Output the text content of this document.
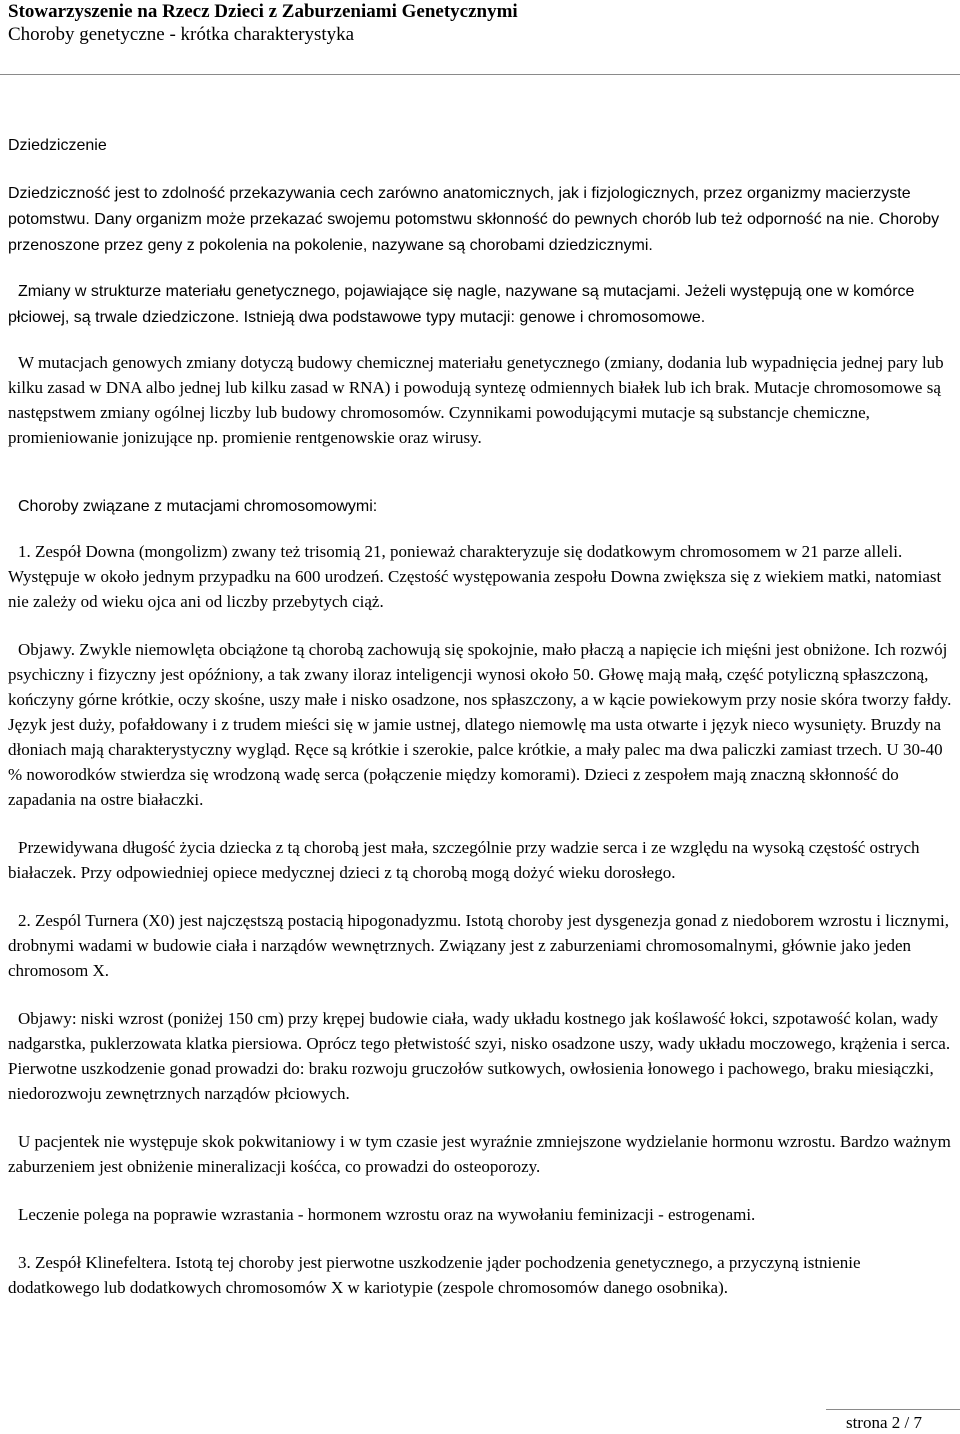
Stowarzyszenie na Rzecz Dzieci z Zaburzeniami Genetycznymi
Choroby genetyczne - krótka charakterystyka

Dziedziczenie

Dziedziczność jest to zdolność przekazywania cech zarówno anatomicznych, jak i fizjologicznych, przez organizmy macierzyste potomstwu. Dany organizm może przekazać swojemu potomstwu skłonność do pewnych chorób lub też odporność na nie. Choroby przenoszone przez geny z pokolenia na pokolenie, nazywane są chorobami dziedzicznymi.

Zmiany w strukturze materiału genetycznego, pojawiające się nagle, nazywane są mutacjami. Jeżeli występują one w komórce płciowej, są trwale dziedziczone. Istnieją dwa podstawowe typy mutacji: genowe i chromosomowe.

W mutacjach genowych zmiany dotyczą budowy chemicznej materiału genetycznego (zmiany, dodania lub wypadnięcia jednej pary lub kilku zasad w DNA albo jednej lub kilku zasad w RNA) i powodują syntezę odmiennych białek lub ich brak. Mutacje chromosomowe są następstwem zmiany ogólnej liczby lub budowy chromosomów. Czynnikami powodującymi mutacje są substancje chemiczne, promieniowanie jonizujące np. promienie rentgenowskie oraz wirusy.

Choroby związane z mutacjami chromosomowymi:

1. Zespół Downa (mongolizm) zwany też trisomią 21, ponieważ charakteryzuje się dodatkowym chromosomem w 21 parze alleli. Występuje w około jednym przypadku na 600 urodzeń. Częstość występowania zespołu Downa zwiększa się z wiekiem matki, natomiast nie zależy od wieku ojca ani od liczby przebytych ciąż.

Objawy. Zwykle niemowlęta obciążone tą chorobą zachowują się spokojnie, mało płaczą a napięcie ich mięśni jest obniżone. Ich rozwój psychiczny i fizyczny jest opóźniony, a tak zwany iloraz inteligencji wynosi około 50. Głowę mają małą, część potyliczną spłaszczoną, kończyny górne krótkie, oczy skośne, uszy małe i nisko osadzone, nos spłaszczony, a w kącie powiekowym przy nosie skóra tworzy fałdy. Język jest duży, pofałdowany i z trudem mieści się w jamie ustnej, dlatego niemowlę ma usta otwarte i język nieco wysunięty. Bruzdy na dłoniach mają charakterystyczny wygląd. Ręce są krótkie i szerokie, palce krótkie, a mały palec ma dwa paliczki zamiast trzech. U 30-40 % noworodków stwierdza się wrodzoną wadę serca (połączenie między komorami). Dzieci z zespołem mają znaczną skłonność do zapadania na ostre białaczki.

Przewidywana długość życia dziecka z tą chorobą jest mała, szczególnie przy wadzie serca i ze względu na wysoką częstość ostrych białaczek. Przy odpowiedniej opiece medycznej dzieci z tą chorobą mogą dożyć wieku dorosłego.

2. Zespól Turnera (X0) jest najczęstszą postacią hipogonadyzmu. Istotą choroby jest dysgenezja gonad z niedoborem wzrostu i licznymi, drobnymi wadami w budowie ciała i narządów wewnętrznych. Związany jest z zaburzeniami chromosomalnymi, głównie jako jeden chromosom X.

Objawy: niski wzrost (poniżej 150 cm) przy krępej budowie ciała, wady układu kostnego jak koślawość łokci, szpotawość kolan, wady nadgarstka, puklerzowata klatka piersiowa. Oprócz tego płetwistość szyi, nisko osadzone uszy, wady układu moczowego, krążenia i serca. Pierwotne uszkodzenie gonad prowadzi do: braku rozwoju gruczołów sutkowych, owłosienia łonowego i pachowego, braku miesiączki, niedorozwoju zewnętrznych narządów płciowych.

U pacjentek nie występuje skok pokwitaniowy i w tym czasie jest wyraźnie zmniejszone wydzielanie hormonu wzrostu. Bardzo ważnym zaburzeniem jest obniżenie mineralizacji kośćca, co prowadzi do osteoporozy.

Leczenie polega na poprawie wzrastania - hormonem wzrostu oraz na wywołaniu feminizacji - estrogenami.

3. Zespół Klinefeltera. Istotą tej choroby jest pierwotne uszkodzenie jąder pochodzenia genetycznego, a przyczyną istnienie dodatkowego lub dodatkowych chromosomów X w kariotypie (zespole chromosomów danego osobnika).

strona 2 / 7
